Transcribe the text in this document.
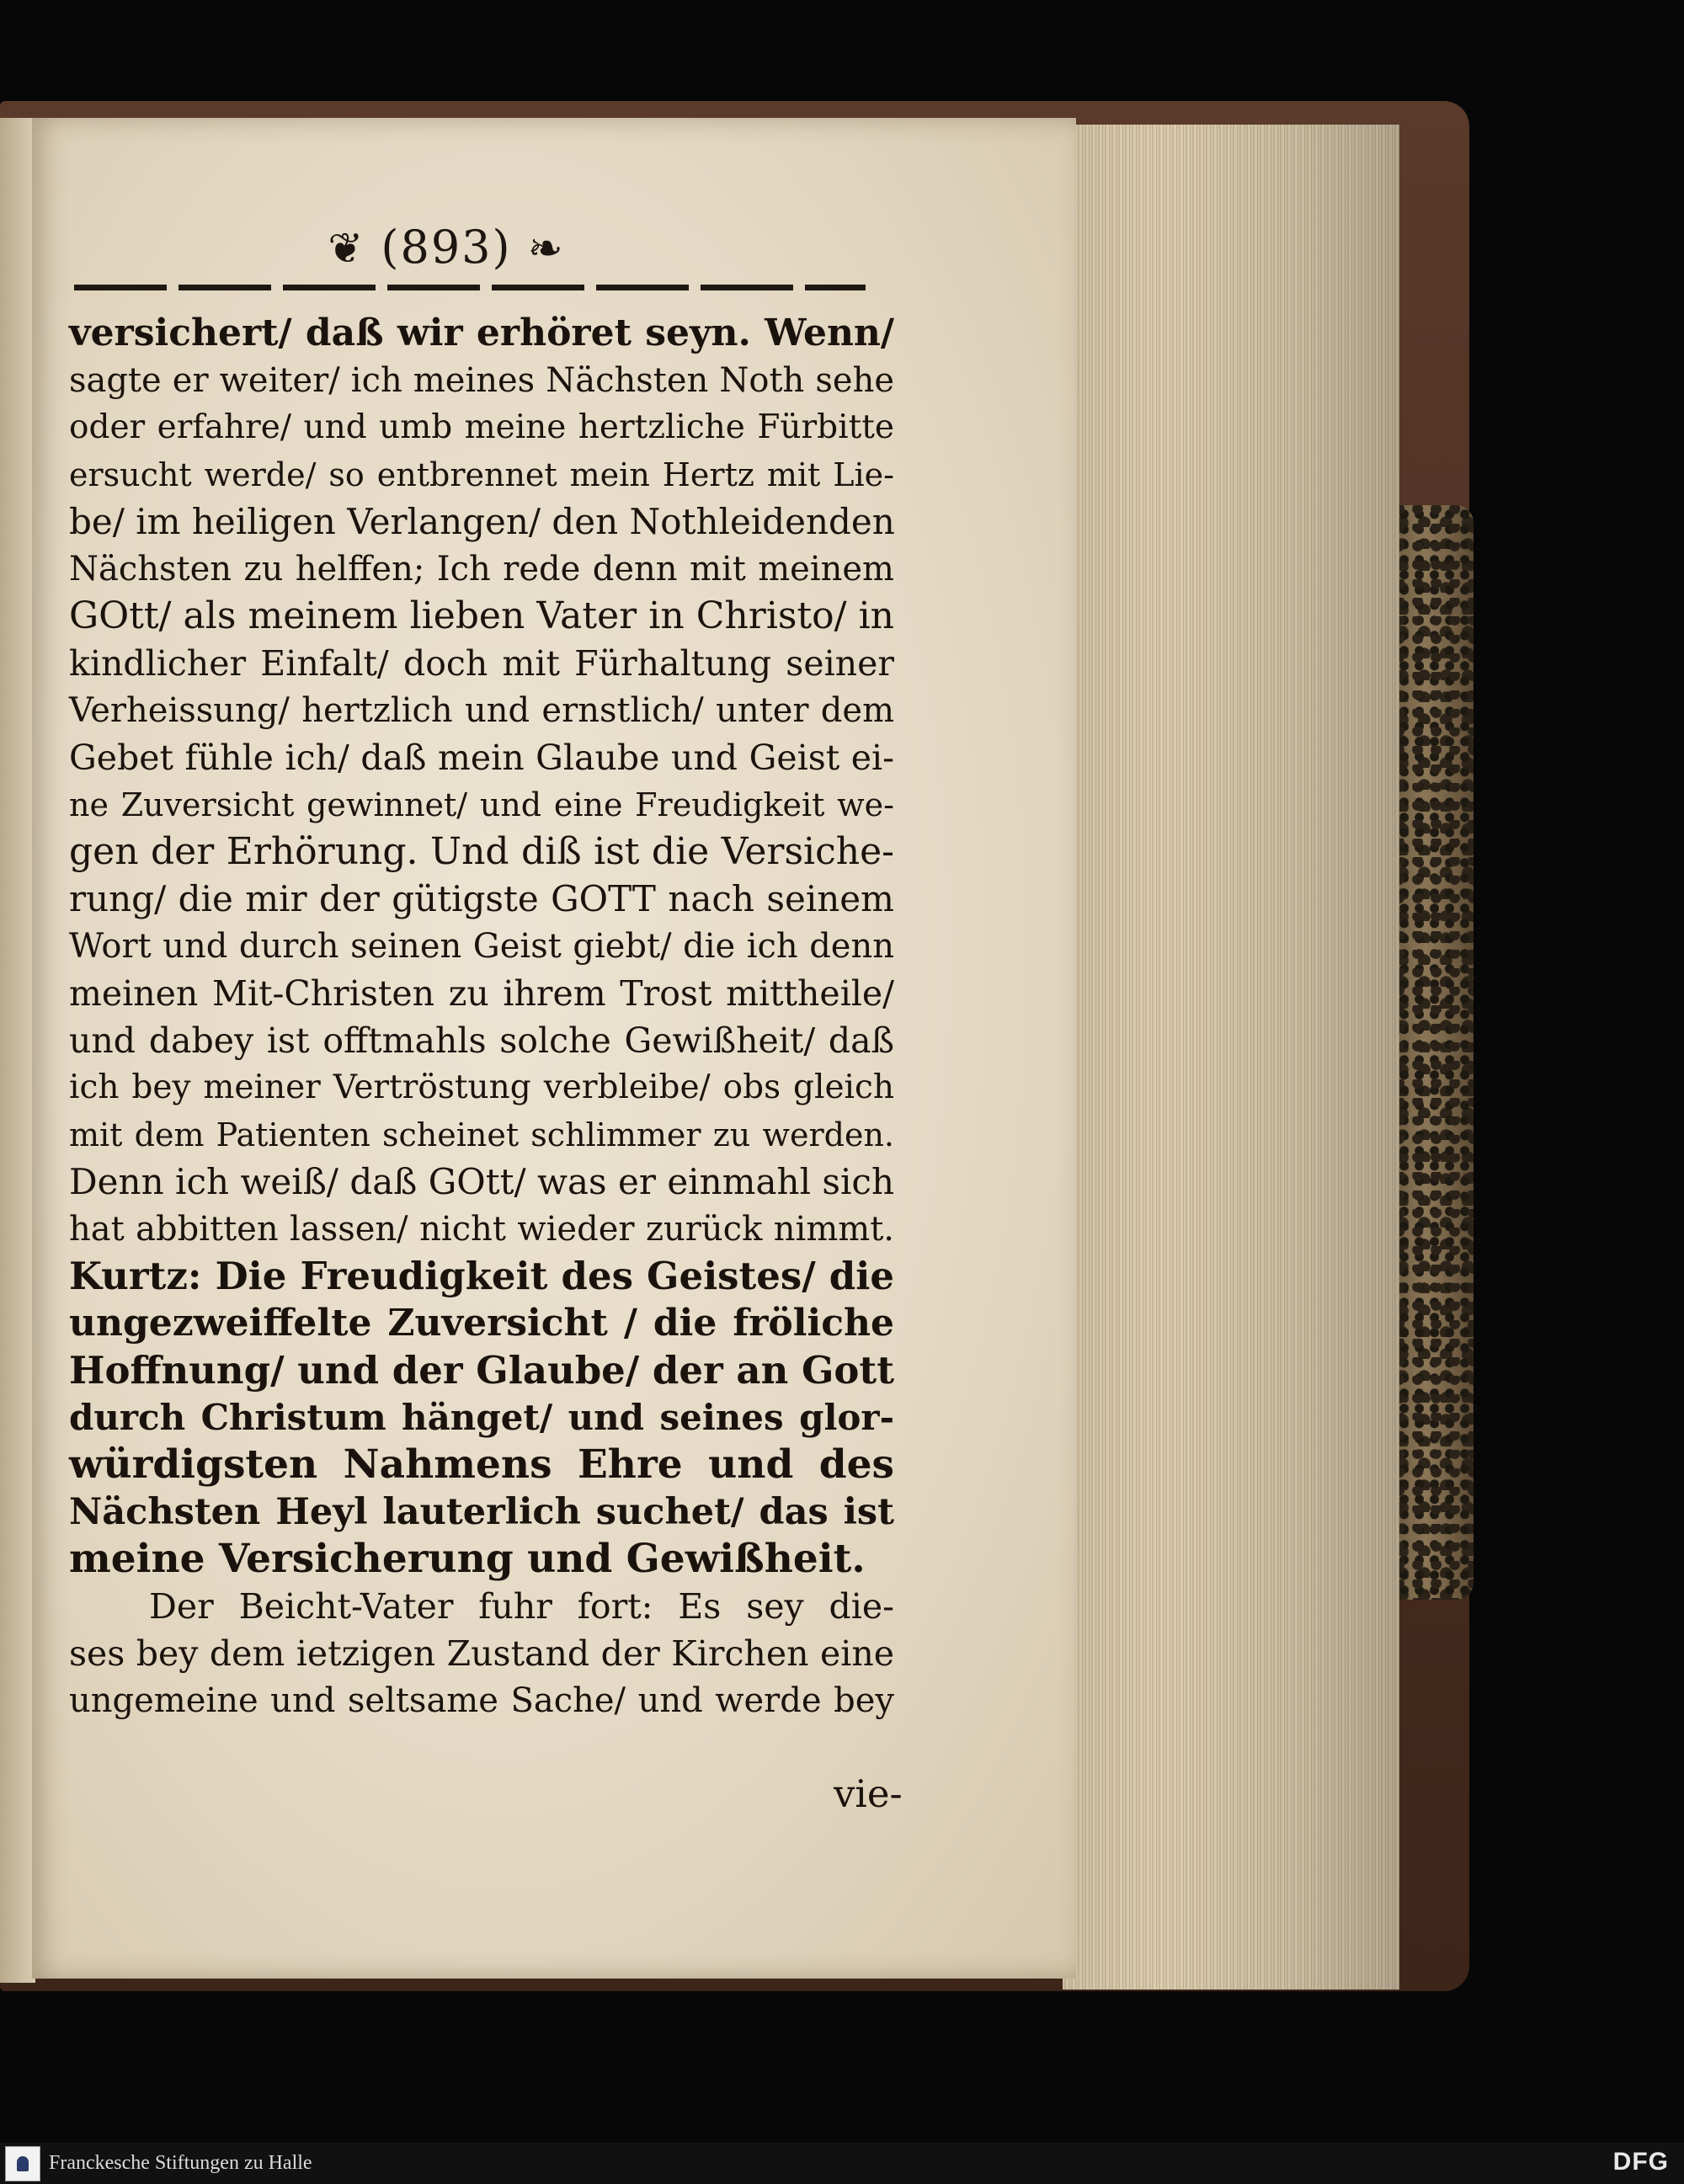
❦ (893) ❧
versichert/ daß wir erhöret seyn. Wenn/
sagte er weiter/ ich meines Nächsten Noth sehe
oder erfahre/ und umb meine hertzliche Fürbitte
ersucht werde/ so entbrennet mein Hertz mit Lie-
be/ im heiligen Verlangen/ den Nothleidenden
Nächsten zu helffen; Ich rede denn mit meinem
GOtt/ als meinem lieben Vater in Christo/ in
kindlicher Einfalt/ doch mit Fürhaltung seiner
Verheissung/ hertzlich und ernstlich/ unter dem
Gebet fühle ich/ daß mein Glaube und Geist ei-
ne Zuversicht gewinnet/ und eine Freudigkeit we-
gen der Erhörung. Und diß ist die Versiche-
rung/ die mir der gütigste GOTT nach seinem
Wort und durch seinen Geist giebt/ die ich denn
meinen Mit-Christen zu ihrem Trost mittheile/
und dabey ist offtmahls solche Gewißheit/ daß
ich bey meiner Vertröstung verbleibe/ obs gleich
mit dem Patienten scheinet schlimmer zu werden.
Denn ich weiß/ daß GOtt/ was er einmahl sich
hat abbitten lassen/ nicht wieder zurück nimmt.
Kurtz: Die Freudigkeit des Geistes/ die
ungezweiffelte Zuversicht / die fröliche
Hoffnung/ und der Glaube/ der an Gott
durch Christum hänget/ und seines glor-
würdigsten Nahmens Ehre und des
Nächsten Heyl lauterlich suchet/ das ist
meine Versicherung und Gewißheit.
Der Beicht-Vater fuhr fort: Es sey die-
ses bey dem ietzigen Zustand der Kirchen eine
ungemeine und seltsame Sache/ und werde bey
vie-
Franckesche Stiftungen zu Halle	DFG
